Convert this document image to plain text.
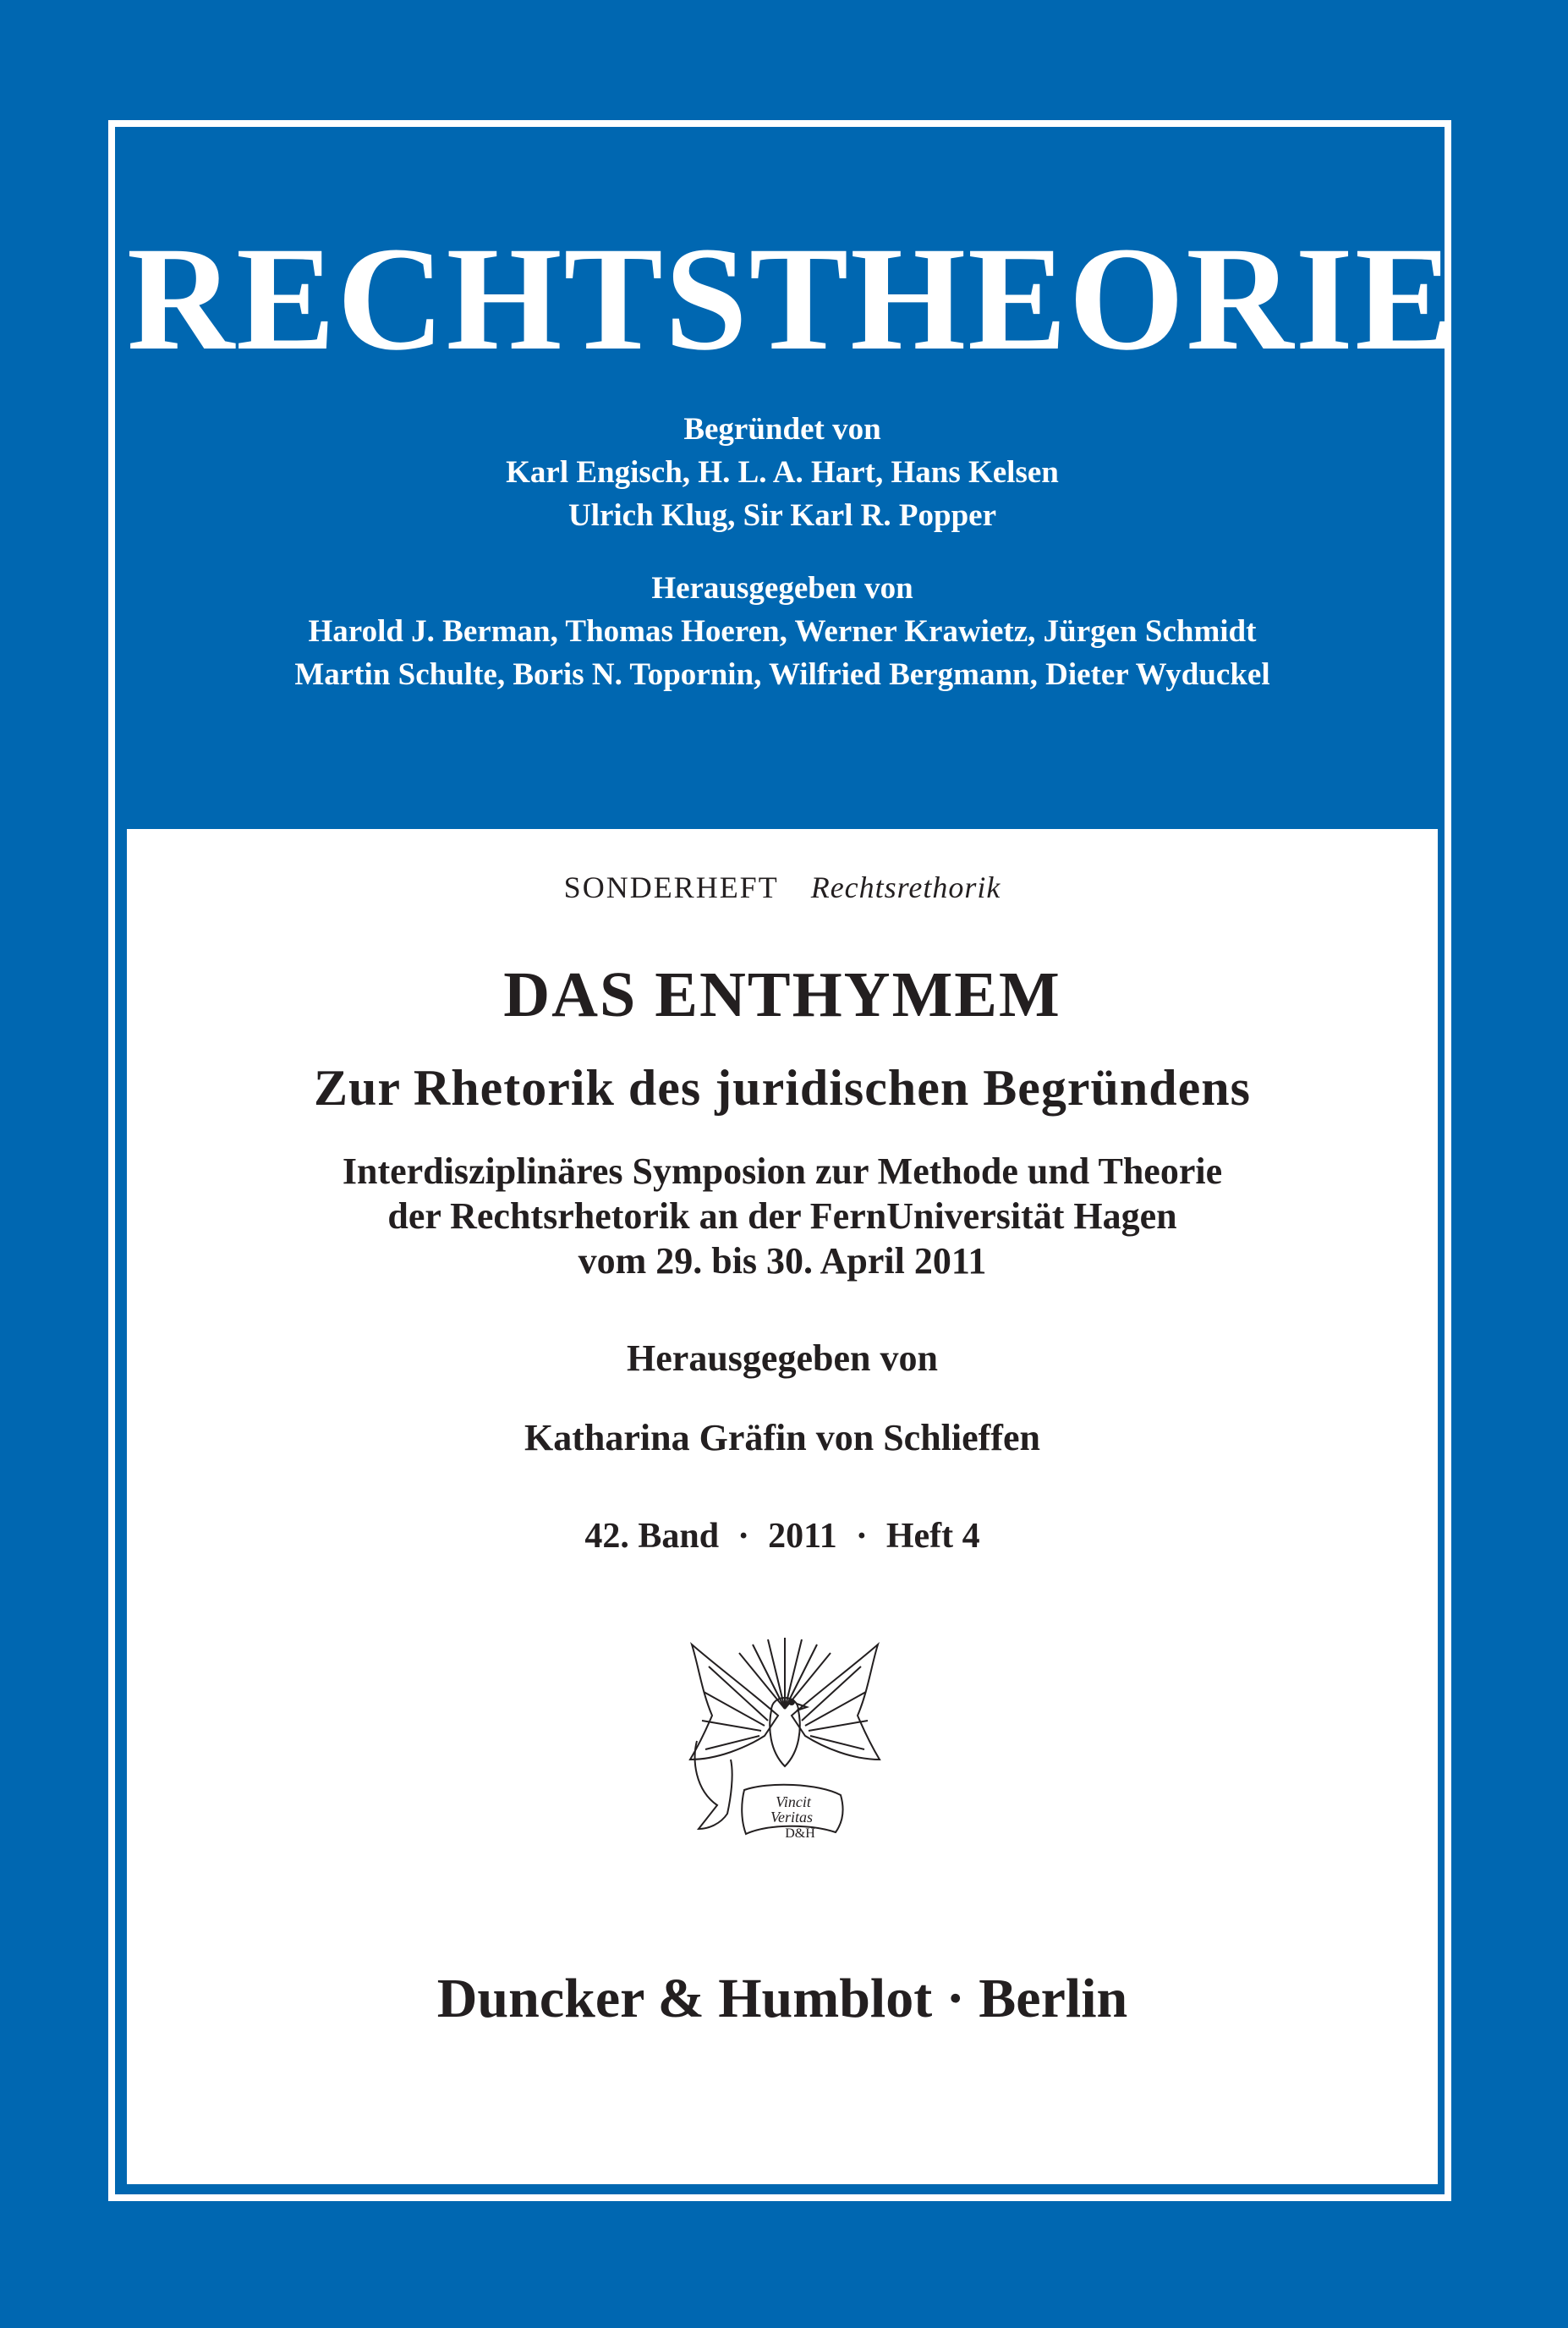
RECHTSTHEORIE
Begründet von
Karl Engisch, H. L. A. Hart, Hans Kelsen
Ulrich Klug, Sir Karl R. Popper
Herausgegeben von
Harold J. Berman, Thomas Hoeren, Werner Krawietz, Jürgen Schmidt
Martin Schulte, Boris N. Topornin, Wilfried Bergmann, Dieter Wyduckel
SONDERHEFT Rechtsrethorik
DAS ENTHYMEM
Zur Rhetorik des juridischen Begründens
Interdisziplinäres Symposion zur Methode und Theorie
der Rechtsrhetorik an der FernUniversität Hagen
vom 29. bis 30. April 2011
Herausgegeben von
Katharina Gräfin von Schlieffen
42. Band · 2011 · Heft 4
Vincit
Veritas
D&H
Duncker & Humblot · Berlin
